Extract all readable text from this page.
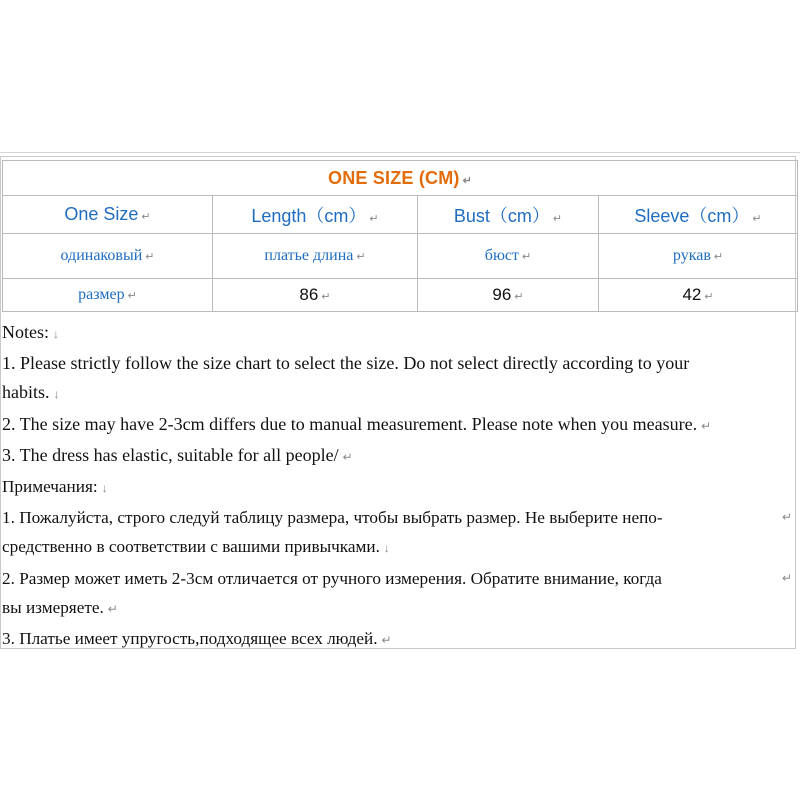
ONE SIZE (CM) ↵			
One Size ↵	Length（cm） ↵	Bust（cm） ↵	Sleeve（cm） ↵
одинаковый ↵	платье длина ↵	бюст ↵	рукав ↵
размер ↵	86 ↵	96 ↵	42 ↵
Notes: ↓
1. Please strictly follow the size chart to select the size. Do not select directly according to your
habits. ↓
2. The size may have 2-3cm differs due to manual measurement. Please note when you measure. ↵
3. The dress has elastic, suitable for all people/ ↵
Примечания: ↓
1. Пожалуйста, строго следуй таблицу размера, чтобы выбрать размер. Не выберите непо-	↵
средственно в соответствии с вашими привычками. ↓
2. Размер может иметь 2-3см отличается от ручного измерения. Обратите внимание, когда	↵
вы измеряете. ↵
3. Платье имеет упругость,подходящее всех людей. ↵
